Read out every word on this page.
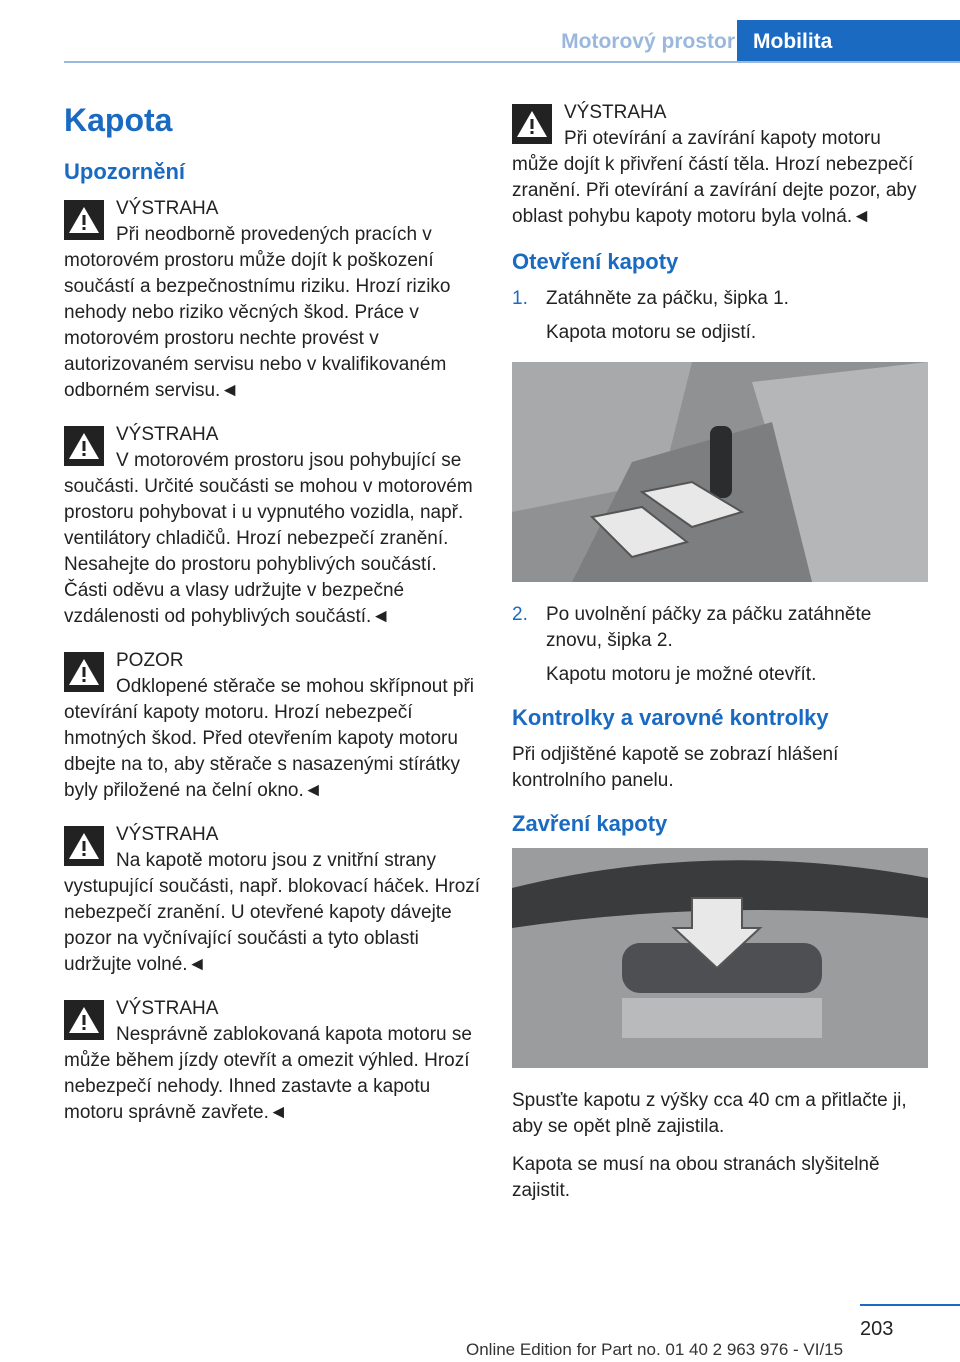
Motorový prostor Mobilita
Kapota
Upozornění
VÝSTRAHA

Při neodborně provedených pracích v motorovém prostoru může dojít k poškození součástí a bezpečnostnímu riziku. Hrozí riziko nehody nebo riziko věcných škod. Práce v motorovém prostoru nechte provést v autorizovaném servisu nebo v kvalifikovaném odborném servisu.◄

VÝSTRAHA

V motorovém prostoru jsou pohybující se součásti. Určité součásti se mohou v motorovém prostoru pohybovat i u vypnutého vozidla, např. ventilátory chladičů. Hrozí nebezpečí zranění. Nesahejte do prostoru pohyblivých součástí. Části oděvu a vlasy udržujte v bezpečné vzdálenosti od pohyblivých součástí.◄

POZOR

Odklopené stěrače se mohou skřípnout při otevírání kapoty motoru. Hrozí nebezpečí hmotných škod. Před otevřením kapoty motoru dbejte na to, aby stěrače s nasazenými stírátky byly přiložené na čelní okno.◄

VÝSTRAHA

Na kapotě motoru jsou z vnitřní strany vystupující součásti, např. blokovací háček. Hrozí nebezpečí zranění. U otevřené kapoty dávejte pozor na vyčnívající součásti a tyto oblasti udržujte volné.◄

VÝSTRAHA

Nesprávně zablokovaná kapota motoru se může během jízdy otevřít a omezit výhled. Hrozí nebezpečí nehody. Ihned zastavte a kapotu motoru správně zavřete.◄

VÝSTRAHA

Při otevírání a zavírání kapoty motoru může dojít k přivření částí těla. Hrozí nebezpečí zranění. Při otevírání a zavírání dejte pozor, aby oblast pohybu kapoty motoru byla volná.◄

Otevření kapoty
1. Zatáhněte za páčku, šipka 1.
Kapota motoru se odjistí.
2. Po uvolnění páčky za páčku zatáhněte znovu, šipka 2.
Kapotu motoru je možné otevřít.
Kontrolky a varovné kontrolky

Při odjištěné kapotě se zobrazí hlášení kontrolního panelu.

Zavření kapoty

Spusťte kapotu z výšky cca 40 cm a přitlačte ji, aby se opět plně zajistila.

Kapota se musí na obou stranách slyšitelně zajistit.

203
Online Edition for Part no. 01 40 2 963 976 - VI/15
